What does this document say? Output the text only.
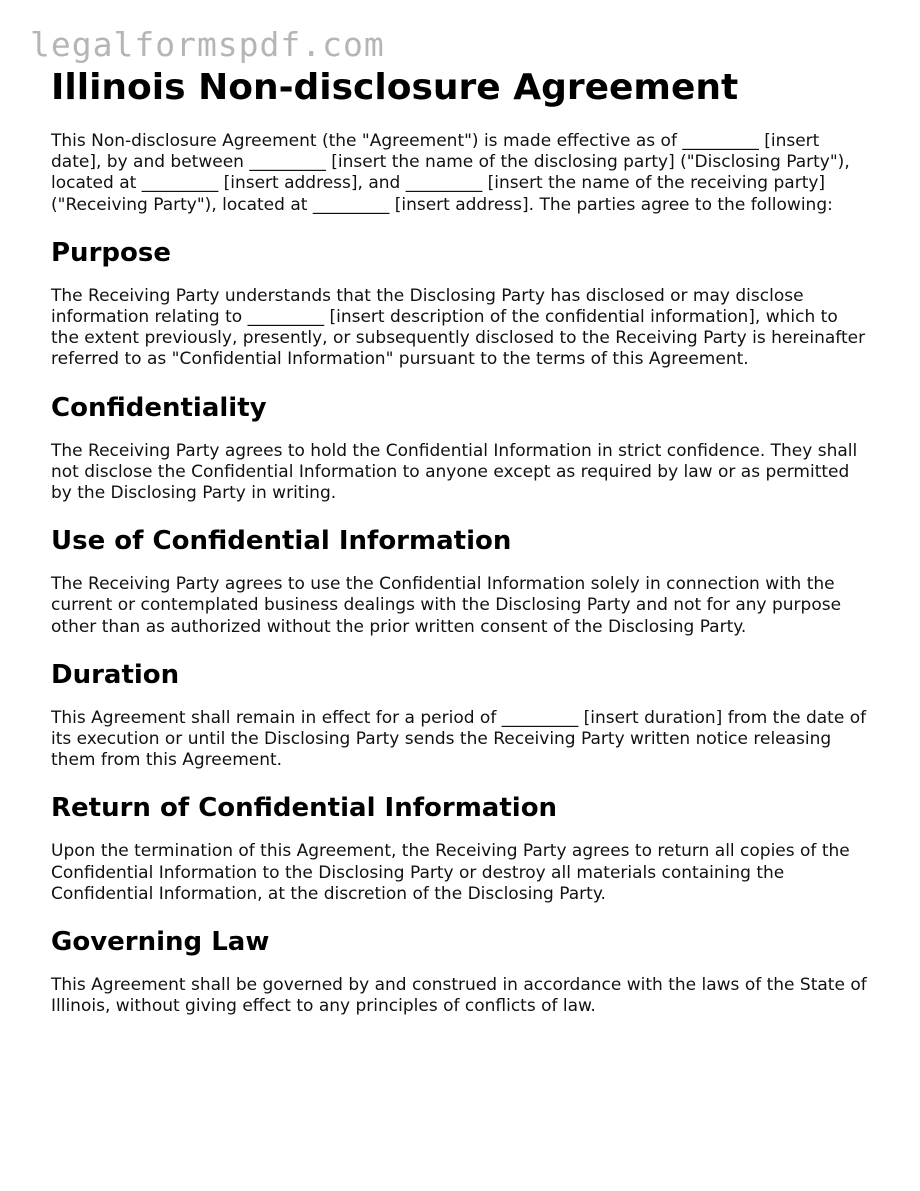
legalformspdf.com
Illinois Non-disclosure Agreement

This Non-disclosure Agreement (the "Agreement") is made effective as of _________ [insert date], by and between _________ [insert the name of the disclosing party] ("Disclosing Party"), located at _________ [insert address], and _________ [insert the name of the receiving party] ("Receiving Party"), located at _________ [insert address]. The parties agree to the following:

Purpose

The Receiving Party understands that the Disclosing Party has disclosed or may disclose information relating to _________ [insert description of the confidential information], which to the extent previously, presently, or subsequently disclosed to the Receiving Party is hereinafter referred to as "Confidential Information" pursuant to the terms of this Agreement.

Confidentiality

The Receiving Party agrees to hold the Confidential Information in strict confidence. They shall not disclose the Confidential Information to anyone except as required by law or as permitted by the Disclosing Party in writing.

Use of Confidential Information

The Receiving Party agrees to use the Confidential Information solely in connection with the current or contemplated business dealings with the Disclosing Party and not for any purpose other than as authorized without the prior written consent of the Disclosing Party.

Duration

This Agreement shall remain in effect for a period of _________ [insert duration] from the date of its execution or until the Disclosing Party sends the Receiving Party written notice releasing them from this Agreement.

Return of Confidential Information

Upon the termination of this Agreement, the Receiving Party agrees to return all copies of the Confidential Information to the Disclosing Party or destroy all materials containing the Confidential Information, at the discretion of the Disclosing Party.

Governing Law

This Agreement shall be governed by and construed in accordance with the laws of the State of Illinois, without giving effect to any principles of conflicts of law.
